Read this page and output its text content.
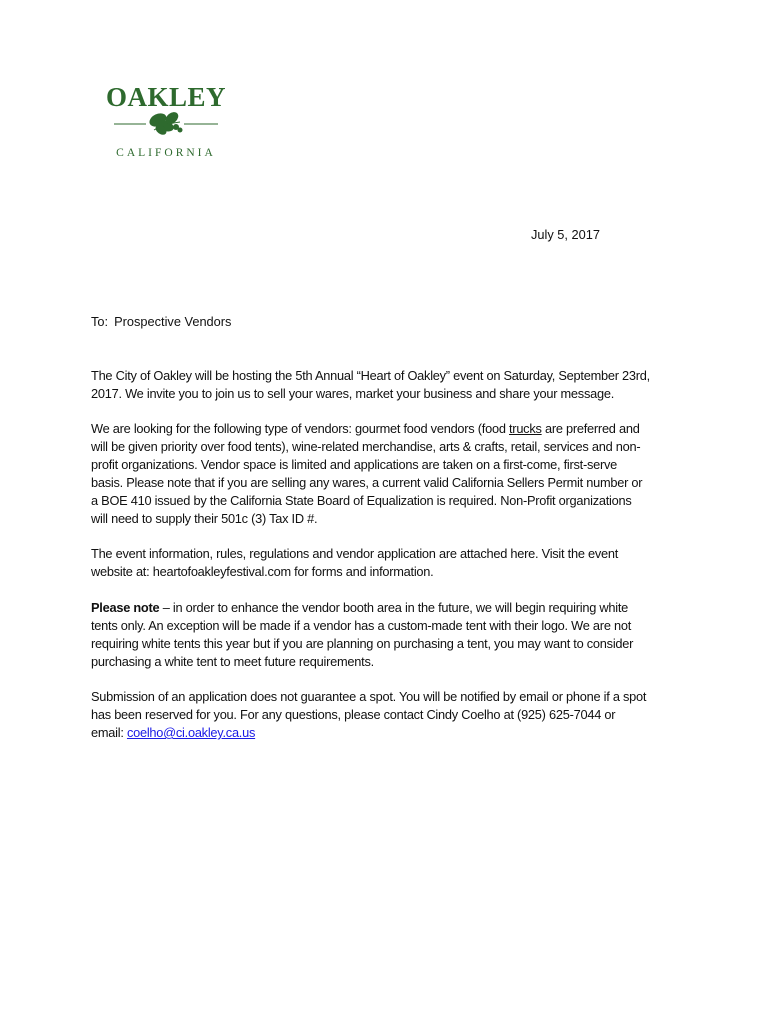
OAKLEY
CALIFORNIA
July 5, 2017
To: Prospective Vendors
The City of Oakley will be hosting the 5th Annual “Heart of Oakley” event on Saturday, September 23rd, 2017. We invite you to join us to sell your wares, market your business and share your message.
We are looking for the following type of vendors: gourmet food vendors (food trucks are preferred and will be given priority over food tents), wine-related merchandise, arts & crafts, retail, services and non-profit organizations. Vendor space is limited and applications are taken on a first-come, first-serve basis. Please note that if you are selling any wares, a current valid California Sellers Permit number or a BOE 410 issued by the California State Board of Equalization is required. Non-Profit organizations will need to supply their 501c (3) Tax ID #.
The event information, rules, regulations and vendor application are attached here. Visit the event website at: heartofoakleyfestival.com for forms and information.
Please note – in order to enhance the vendor booth area in the future, we will begin requiring white tents only. An exception will be made if a vendor has a custom-made tent with their logo. We are not requiring white tents this year but if you are planning on purchasing a tent, you may want to consider purchasing a white tent to meet future requirements.
Submission of an application does not guarantee a spot. You will be notified by email or phone if a spot has been reserved for you. For any questions, please contact Cindy Coelho at (925) 625-7044 or email: coelho@ci.oakley.ca.us
